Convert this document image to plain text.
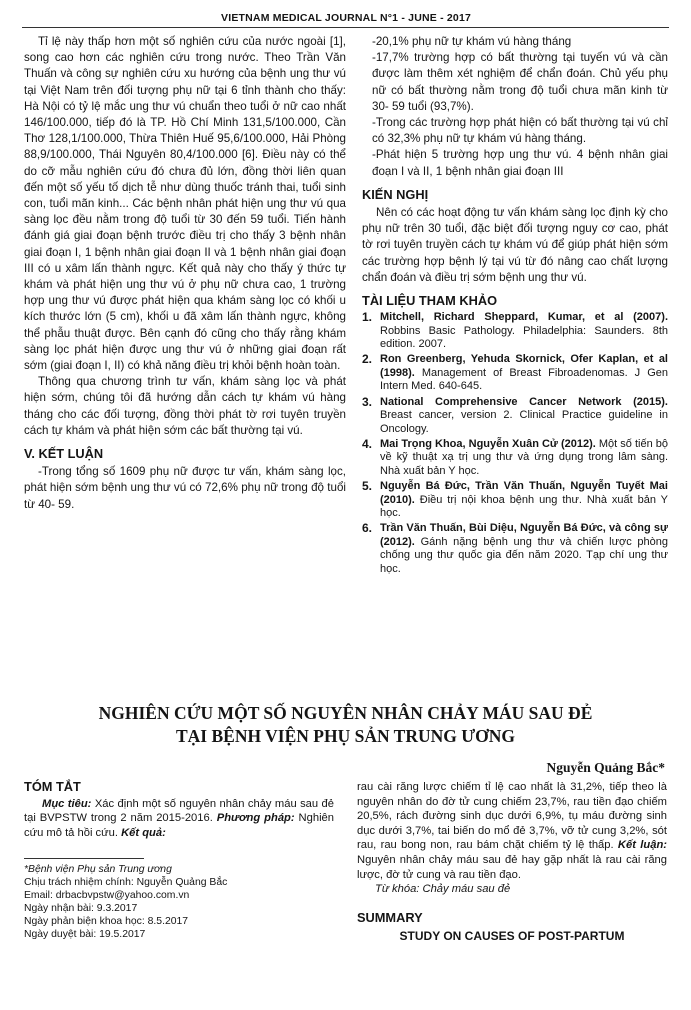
VIETNAM MEDICAL JOURNAL N°1 - JUNE - 2017

Tỉ lệ này thấp hơn một số nghiên cứu của nước ngoài [1], song cao hơn các nghiên cứu trong nước. Theo Trần Văn Thuấn và công sự nghiên cứu xu hướng của bệnh ung thư vú tại Việt Nam trên đối tượng phụ nữ tại 6 tỉnh thành cho thấy: Hà Nội có tỷ lệ mắc ung thư vú chuẩn theo tuổi ở nữ cao nhất 146/100.000, tiếp đó là TP. Hồ Chí Minh 131,5/100.000, Cần Thơ 128,1/100.000, Thừa Thiên Huế 95,6/100.000, Hải Phòng 88,9/100.000, Thái Nguyên 80,4/100.000 [6]. Điều này có thể do cỡ mẫu nghiên cứu đó chưa đủ lớn, đồng thời liên quan đến một số yếu tố dịch tễ như dùng thuốc tránh thai, tuổi sinh con, tuổi mãn kinh... Các bệnh nhân phát hiện ung thư vú qua sàng lọc đều nằm trong độ tuổi từ 30 đến 59 tuổi. Tiến hành đánh giá giai đoạn bệnh trước điều trị cho thấy 3 bệnh nhân giai đoạn I, 1 bệnh nhân giai đoạn II và 1 bệnh nhân giai đoạn III có u xâm lấn thành ngực. Kết quả này cho thấy ý thức tự khám và phát hiện ung thư vú ở phụ nữ chưa cao, 1 trường hợp ung thư vú được phát hiện qua khám sàng lọc có khối u kích thước lớn (5 cm), khối u đã xâm lấn thành ngực, không thể phẫu thuật được. Bên cạnh đó cũng cho thấy rằng khám sàng lọc phát hiện được ung thư vú ở những giai đoạn rất sớm (giai đoạn I, II) có khả năng điều trị khỏi bệnh hoàn toàn.

Thông qua chương trình tư vấn, khám sàng lọc và phát hiện sớm, chúng tôi đã hướng dẫn cách tự khám vú hàng tháng cho các đối tượng, đồng thời phát tờ rơi tuyên truyền cách tự khám và phát hiện sớm các bất thường tại vú.

V. KẾT LUẬN

-Trong tổng số 1609 phụ nữ được tư vấn, khám sàng lọc, phát hiện sớm bệnh ung thư vú có 72,6% phụ nữ trong độ tuổi từ 40- 59.

-20,1% phụ nữ tự khám vú hàng tháng

-17,7% trường hợp có bất thường tại tuyến vú và cần được làm thêm xét nghiệm để chẩn đoán. Chủ yếu phụ nữ có bất thường nằm trong độ tuổi chưa mãn kinh từ 30- 59 tuổi (93,7%).

-Trong các trường hợp phát hiện có bất thường tại vú chỉ có 32,3% phụ nữ tự khám vú hàng tháng.

-Phát hiện 5 trường hợp ung thư vú. 4 bệnh nhân giai đoạn I và II, 1 bệnh nhân giai đoạn III

KIẾN NGHỊ

Nên có các hoạt động tư vấn khám sàng lọc định kỳ cho phụ nữ trên 30 tuổi, đặc biệt đối tượng nguy cơ cao, phát tờ rơi tuyên truyền cách tự khám vú để giúp phát hiện sớm các trường hợp bệnh lý tại vú từ đó nâng cao chất lượng chẩn đoán và điều trị sớm bệnh ung thư vú.

TÀI LIỆU THAM KHẢO
1. Mitchell, Richard Sheppard, Kumar, et al (2007). Robbins Basic Pathology. Philadelphia: Saunders. 8th edition. 2007.
2. Ron Greenberg, Yehuda Skornick, Ofer Kaplan, et al (1998). Management of Breast Fibroadenomas. J Gen Intern Med. 640-645.
3. National Comprehensive Cancer Network (2015). Breast cancer, version 2. Clinical Practice guideline in Oncology.
4. Mai Trọng Khoa, Nguyễn Xuân Cử (2012). Một số tiến bộ về kỹ thuật xạ trị ung thư và ứng dụng trong lâm sàng. Nhà xuất bản Y học.
5. Nguyễn Bá Đức, Trần Văn Thuấn, Nguyễn Tuyết Mai (2010). Điều trị nội khoa bệnh ung thư. Nhà xuất bản Y học.
6. Trần Văn Thuấn, Bùi Diệu, Nguyễn Bá Đức, và công sự (2012). Gánh nặng bệnh ung thư và chiến lược phòng chống ung thư quốc gia đến năm 2020. Tạp chí ung thư học.
NGHIÊN CỨU MỘT SỐ NGUYÊN NHÂN CHẢY MÁU SAU ĐẺ
TẠI BỆNH VIỆN PHỤ SẢN TRUNG ƯƠNG
Nguyễn Quảng Bắc*
TÓM TẮT

Mục tiêu: Xác định một số nguyên nhân chảy máu sau đẻ tại BVPSTW trong 2 năm 2015-2016. Phương pháp: Nghiên cứu mô tả hồi cứu. Kết quả:

*Bệnh viện Phụ sản Trung ương
Chịu trách nhiệm chính: Nguyễn Quảng Bắc
Email: drbacbvpstw@yahoo.com.vn
Ngày nhận bài: 9.3.2017
Ngày phản biện khoa học: 8.5.2017
Ngày duyệt bài: 19.5.2017

rau cài răng lược chiếm tỉ lệ cao nhất là 31,2%, tiếp theo là nguyên nhân do đờ tử cung chiếm 23,7%, rau tiền đạo chiếm 20,5%, rách đường sinh dục dưới 6,9%, tụ máu đường sinh dục dưới 3,7%, tai biến do mổ đẻ 3,7%, vỡ tử cung 3,2%, sót rau, rau bong non, rau bám chặt chiếm tỷ lệ thấp. Kết luận: Nguyên nhân chảy máu sau đẻ hay gặp nhất là rau cài răng lược, đờ tử cung và rau tiền đạo.

Từ khóa: Chảy máu sau đẻ

SUMMARY
STUDY ON CAUSES OF POST-PARTUM
